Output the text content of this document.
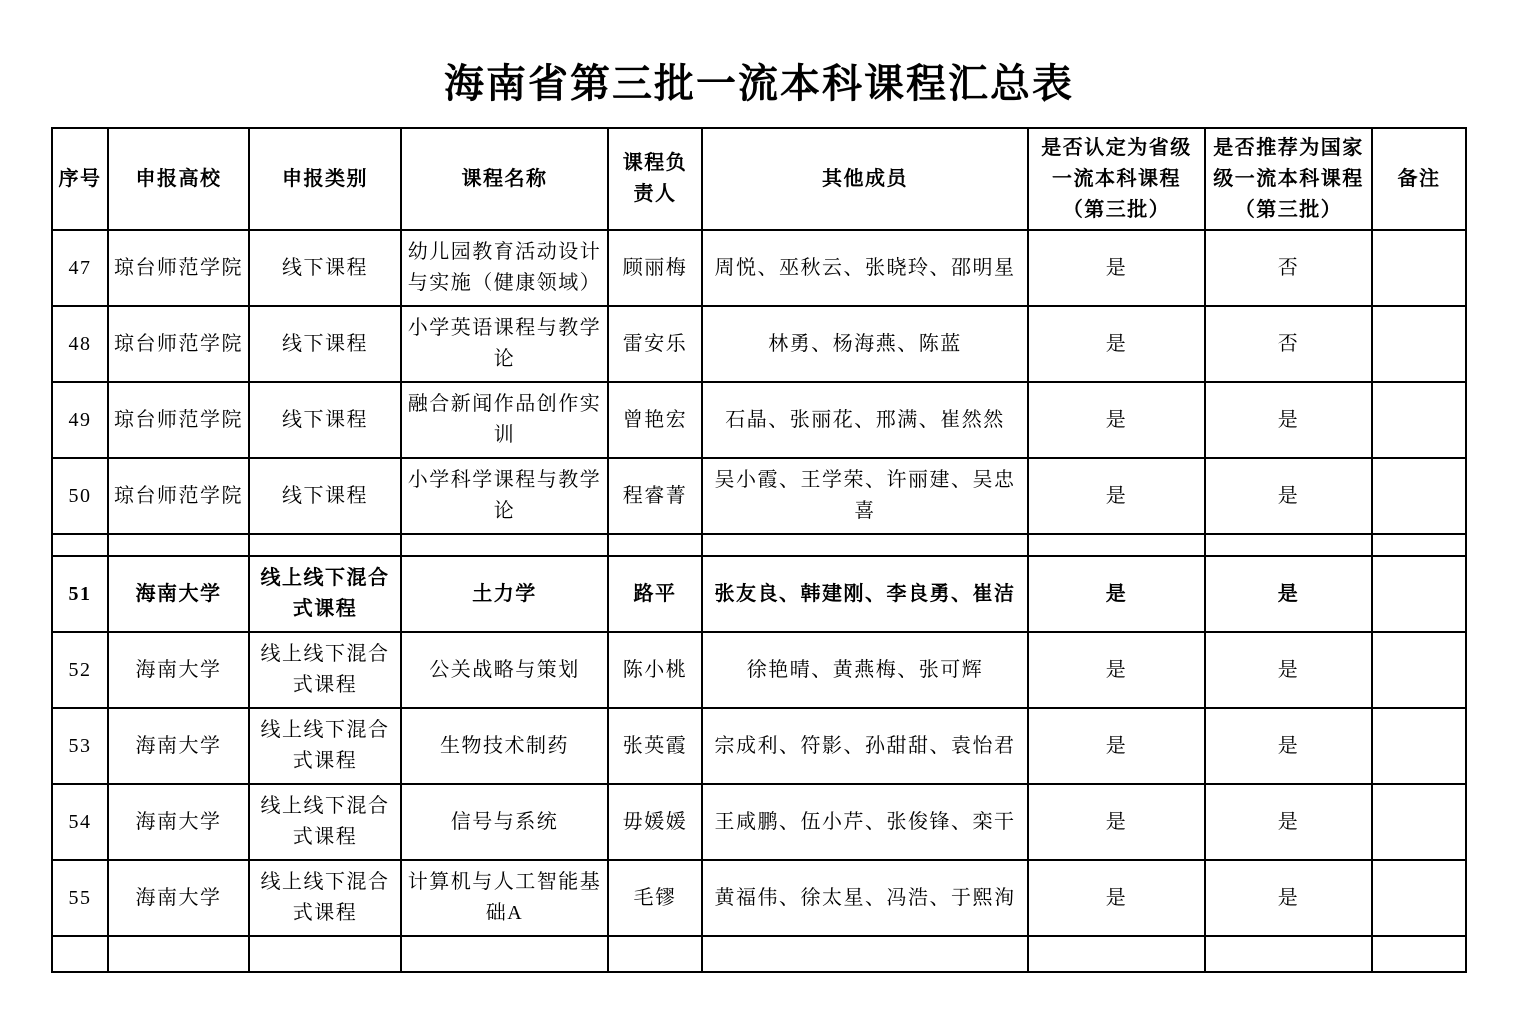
海南省第三批一流本科课程汇总表
序号	申报高校	申报类别	课程名称	课程负责人	其他成员	是否认定为省级一流本科课程（第三批）	是否推荐为国家级一流本科课程（第三批）	备注
47	琼台师范学院	线下课程	幼儿园教育活动设计与实施（健康领域）	顾丽梅	周悦、巫秋云、张晓玲、邵明星	是	否	
48	琼台师范学院	线下课程	小学英语课程与教学论	雷安乐	林勇、杨海燕、陈蓝	是	否	
49	琼台师范学院	线下课程	融合新闻作品创作实训	曾艳宏	石晶、张丽花、邢满、崔然然	是	是	
50	琼台师范学院	线下课程	小学科学课程与教学论	程睿菁	吴小霞、王学荣、许丽建、吴忠喜	是	是	

51	海南大学	线上线下混合式课程	土力学	路平	张友良、韩建刚、李良勇、崔洁	是	是	
52	海南大学	线上线下混合式课程	公关战略与策划	陈小桃	徐艳晴、黄燕梅、张可辉	是	是	
53	海南大学	线上线下混合式课程	生物技术制药	张英霞	宗成利、符影、孙甜甜、袁怡君	是	是	
54	海南大学	线上线下混合式课程	信号与系统	毋媛媛	王咸鹏、伍小芹、张俊锋、栾干	是	是	
55	海南大学	线上线下混合式课程	计算机与人工智能基础A	毛镠	黄福伟、徐太星、冯浩、于熙洵	是	是	
